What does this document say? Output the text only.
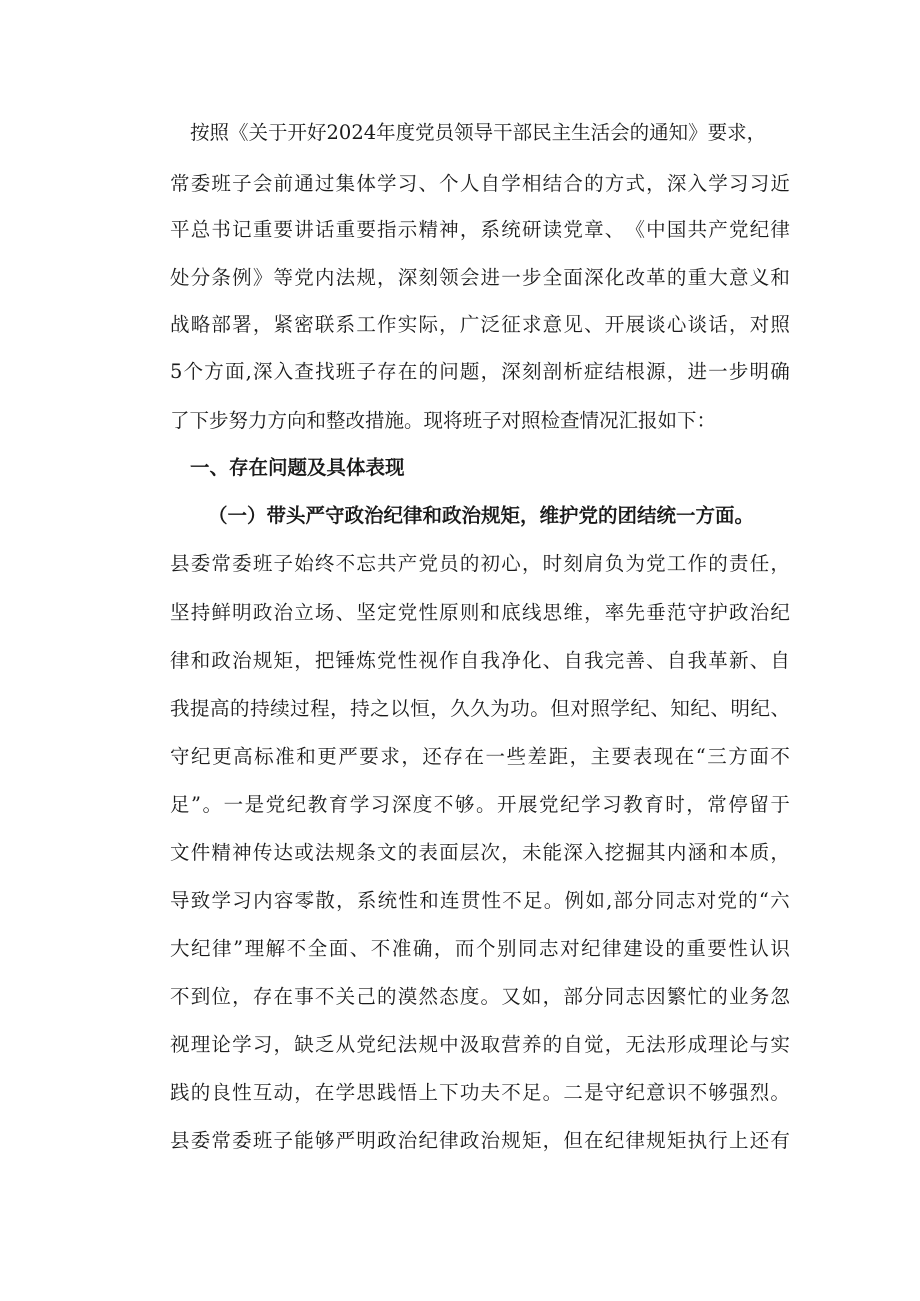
按照《关于开好2024年度党员领导干部民主生活会的通知》要求，
常 委 班 子 会 前 通 过 集 体 学 习 、 个 人 自 学 相 结 合 的 方 式 ， 深 入 学 习 习 近
平 总 书 记 重 要 讲 话 重 要 指 示 精 神 ， 系 统 研 读 党 章 、 《 中 国 共 产 党 纪 律
处 分 条 例 》 等 党 内 法 规 ， 深 刻 领 会 进 一 步 全 面 深 化 改 革 的 重 大 意 义 和
战 略 部 署 ， 紧 密 联 系 工 作 实 际 ， 广 泛 征 求 意 见 、 开 展 谈 心 谈 话 ， 对 照
5 个 方 面 , 深 入 查 找 班 子 存 在 的 问 题 ， 深 刻 剖 析 症 结 根 源 ， 进 一 步 明 确
了下步努力方向和整改措施。现将班子对照检查情况汇报如下：
一、存在问题及具体表现
（一）带头严守政治纪律和政治规矩，维护党的团结统一方面。
县 委 常 委 班 子 始 终 不 忘 共 产 党 员 的 初 心 ， 时 刻 肩 负 为 党 工 作 的 责 任 ，
坚 持 鲜 明 政 治 立 场 、 坚 定 党 性 原 则 和 底 线 思 维 ， 率 先 垂 范 守 护 政 治 纪
律 和 政 治 规 矩 ， 把 锤 炼 党 性 视 作 自 我 净 化 、 自 我 完 善 、 自 我 革 新 、 自
我 提 高 的 持 续 过 程 ， 持 之 以 恒 ， 久 久 为 功 。 但 对 照 学 纪 、 知 纪 、 明 纪 、
守 纪 更 高 标 准 和 更 严 要 求 ， 还 存 在 一 些 差 距 ， 主 要 表 现 在 “ 三 方 面 不
足 ” 。 一 是 党 纪 教 育 学 习 深 度 不 够 。 开 展 党 纪 学 习 教 育 时 ， 常 停 留 于
文 件 精 神 传 达 或 法 规 条 文 的 表 面 层 次 ， 未 能 深 入 挖 掘 其 内 涵 和 本 质 ，
导 致 学 习 内 容 零 散 ， 系 统 性 和 连 贯 性 不 足 。 例 如 , 部 分 同 志 对 党 的 “ 六
大 纪 律 ” 理 解 不 全 面 、 不 准 确 ， 而 个 别 同 志 对 纪 律 建 设 的 重 要 性 认 识
不 到 位 ， 存 在 事 不 关 己 的 漠 然 态 度 。 又 如 ， 部 分 同 志 因 繁 忙 的 业 务 忽
视 理 论 学 习 ， 缺 乏 从 党 纪 法 规 中 汲 取 营 养 的 自 觉 ， 无 法 形 成 理 论 与 实
践 的 良 性 互 动 ， 在 学 思 践 悟 上 下 功 夫 不 足 。 二 是 守 纪 意 识 不 够 强 烈 。
县 委 常 委 班 子 能 够 严 明 政 治 纪 律 政 治 规 矩 ， 但 在 纪 律 规 矩 执 行 上 还 有
